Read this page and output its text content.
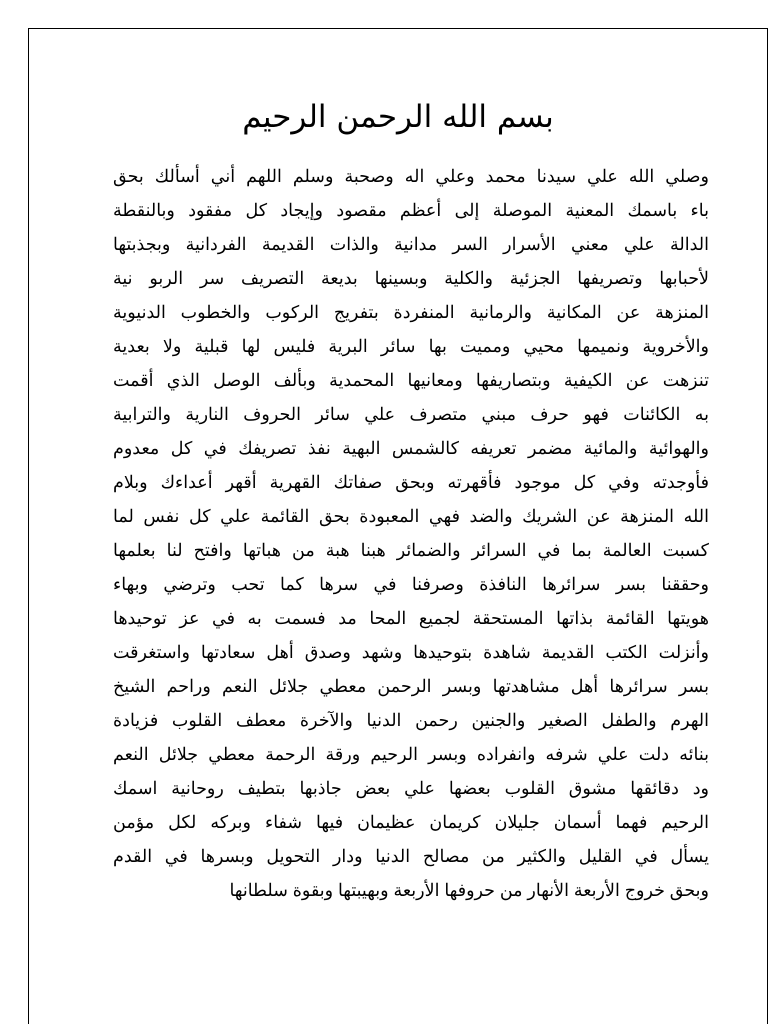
بسم الله الرحمن الرحيم
وصلي الله علي سيدنا محمد وعلي اله وصحبة وسلم اللهم أني أسألك بحق
باء باسمك المعنية الموصلة إلى أعظم مقصود وإيجاد كل مفقود وبالنقطة
الدالة علي معني الأسرار السر مدانية والذات القديمة الفردانية وبجذبتها
لأحبابها وتصريفها الجزئية والكلية وبسينها بديعة التصريف سر الربو نية
المنزهة عن المكانية والرمانية المنفردة بتفريج الركوب والخطوب الدنيوية
والأخروية ونميمها محيي ومميت بها سائر البرية فليس لها قبلية ولا بعدية
تنزهت عن الكيفية وبتصاريفها ومعانيها المحمدية وبألف الوصل الذي أقمت
به الكائنات فهو حرف مبني متصرف علي سائر الحروف النارية والترابية
والهوائية والمائية مضمر تعريفه كالشمس البهية نفذ تصريفك في كل معدوم
فأوجدته وفي كل موجود فأقهرته وبحق صفاتك القهرية أقهر أعداءك وبلام
الله المنزهة عن الشريك والضد فهي المعبودة بحق القائمة علي كل نفس لما
كسبت العالمة بما في السرائر والضمائر هبنا هبة من هباتها وافتح لنا بعلمها
وحققنا بسر سرائرها النافذة وصرفنا في سرها كما تحب وترضي وبهاء
هويتها القائمة بذاتها المستحقة لجميع المحا مد فسمت به في عز توحيدها
وأنزلت الكتب القديمة شاهدة بتوحيدها وشهد وصدق أهل سعادتها واستغرقت
بسر سرائرها أهل مشاهدتها وبسر الرحمن معطي جلائل النعم وراحم الشيخ
الهرم والطفل الصغير والجنين رحمن الدنيا والآخرة معطف القلوب فزيادة
بنائه دلت علي شرفه وانفراده وبسر الرحيم ورقة الرحمة معطي جلائل النعم
ود دقائقها مشوق القلوب بعضها علي بعض جاذبها بتطيف روحانية اسمك
الرحيم فهما أسمان جليلان كريمان عظيمان فيها شفاء وبركه لكل مؤمن
يسأل في القليل والكثير من مصالح الدنيا ودار التحويل وبسرها في القدم
وبحق خروج الأربعة الأنهار من حروفها الأربعة وبهيبتها وبقوة سلطانها
